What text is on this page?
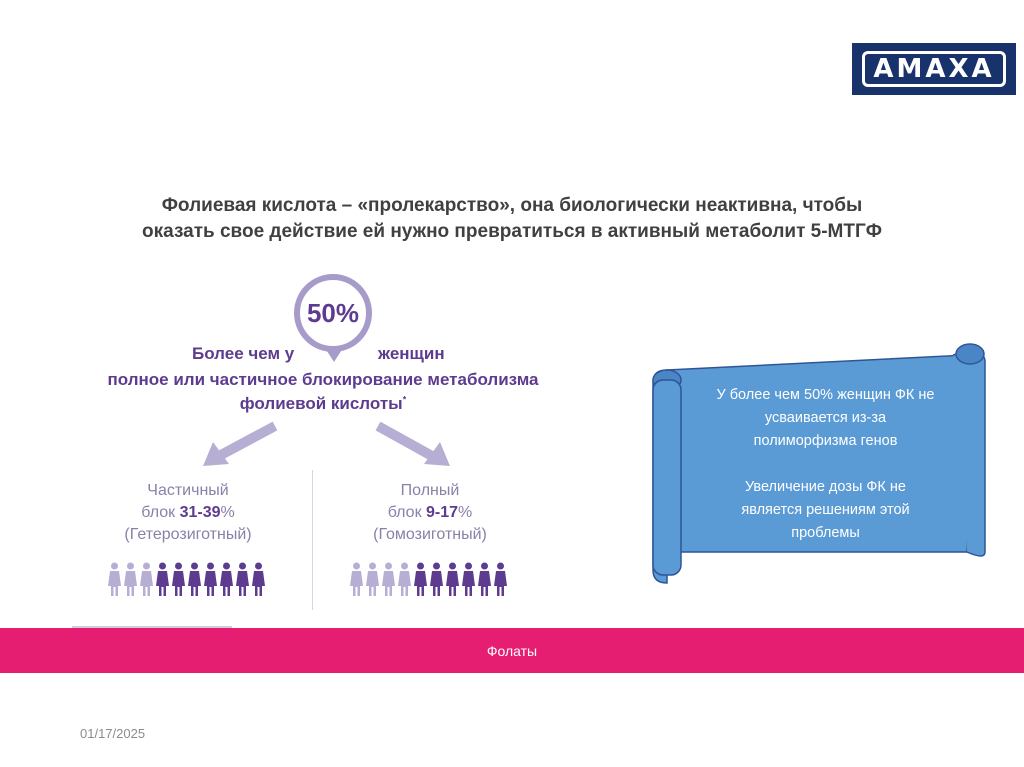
AMAXA
Фолиевая кислота – «пролекарство», она биологически неактивна, чтобы
оказать свое действие ей нужно превратиться в активный метаболит 5-МТГФ
50%
Более чем у	женщин
полное или частичное блокирование метаболизма
фолиевой кислоты*
Частичный
блок 31-39%
(Гетерозиготный)
Полный
блок 9-17%
(Гомозиготный)
У более чем 50% женщин ФК не
усваивается из-за
полиморфизма генов
Увеличение дозы ФК не
является решениям этой
проблемы
Фолаты
01/17/2025
